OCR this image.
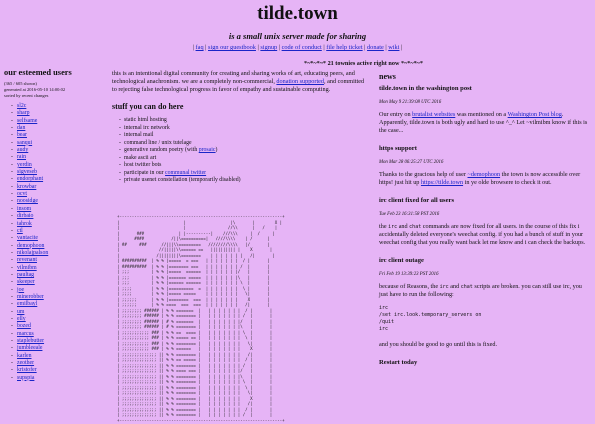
tilde.town
is a small unix server made for sharing
| faq | sign our guestbook | signup | code of conduct | file help ticket | donate | wiki |
*~*~*~* 21 townies active right now *~*~*~*
our esteemed users
(365 / 605 shown)
generated at 2016-05-10 14:00:02
sorted by recent changes
- sl2c
- sharp
- selfsame
- dan
- bear
- sanqui
- audy
- rain
- yerdin
- sigveseb
- endorphant
- krowbar
- ocvt
- noosidge
- insom
- dirbaio
- tahrok
- ctl
- vantacite
- demophoon
- nikolajpalson
- revenant
- vilmibm
- paultag
- skeeper
- joe
- minerobber
- emilbayl
- um
- elly
- bozed
- marcus
- staplebutter
- jumbleeale
- karlen
- zeother
- kristofer
- supspia

this is an intentional digital community for creating and sharing works of art, educating peers, and technological anachronism. we are a completely non-commercial, donation supported, and committed to rejecting false technological progress in favor of empathy and sustainable computing.

stuff you can do here
- static html hosting
- internal irc network
- internal mail
- command line / unix tutelage
- generative random poetry (with prosaic)
- make ascii art
- host twitter bots
- participate in our communal twitter
- private usenet constellation (temporarily disabled)
+------------------------------------------------------------------+
|                          |                  |\       |        X |
|                          |                 //\\      |   /    |
|       ###              | |----------|    ///\\\     |  /     |
|      ####           /||\==========|   ////\\\\    | /      |
| ##     ###      //|||\\=========   ////////\\\\   |/       |
|                //|||||\\====== ==   |||||||||| |    X       |
|               /||||||||\========    | | | | | | |   /|       |
| ##########  | % % |=====  = ===   | | | | | | |  / |       |
| ##########  | % % |======== ===   | | | | | | | /  |       |
| ;;;         | % % |=====  ======  | | | | | | |/   |       |
| ;;;         | % % |======= =====  | | | | | | |\   |       |
| ;;;         | % % |====== ======  | | | | | | | \  |       |
| ;;;;        | % % |==========  =  | | | | | | |  \ |       |
| ;;;;        | % % |===== =====    | | | | | | |   \|       |
| ;;;;;;      | % % |========  ===  | | | | | | |    X       |
| ;;;;;;      | % % ====  ===  ===  | | | | | | |   /|       |
| ;;;;;;;; ###### | % % =======  |   | | | | | | |  / |       |
| ;;;;;;;; ###### | % % ======== |   | | | | | | | /  |       |
| ;;;;;;;; ###### | # % =======  |   | | | | | | |/   |       |
| ;;;;;;;; ###### | # % ======== |   | | | | | | |\   |       |
| ;;;;;;;;;;; ### | % % ==  ==== |   | | | | | | | \  |       |
| ;;;;;;;;;;; ### | % % ===== == |   | | | | | | |  \ |       |
| ;;;;;;;;;;; ### | % % ======== |   | | | | | | |   \|       |
| ;;;;;;;;;;; ### | % % ======   |   | | | | | | |    X       |
| ;;;;;;;;;;;;;; || % % ======== |   | | | | | | |   /|       |
| ;;;;;;;;;;;;;; || % % == ===== |   | | | | | | |  / |       |
| ;;;;;;;;;;;;;; || % % ======== |   | | | | | | | /  |       |
| ;;;;;;;;;;;;;; || % % ==== === |   | | | | | | |/   |       |
| ;;;;;;;;;;;;;; || % % ======== |   | | | | | | |\   |       |
| ;;;;;;;;;;;;;; || % % ======== |   | | | | | | | \  |       |
| ;;;;;;;;;;;;;; || % % ======== |   | | | | | | |  \ |       |
| ;;;;;;;;;;;;;; || % % ======== |   | | | | | | |   \|       |
| ;;;;;;;;;;;;;; || % % ======== |   | | | | | | |    X       |
| ;;;;;;;;;;;;;; || % % ======== |   | | | | | | |   /|       |
| ;;;;;;;;;;;;;; || % % ======== |   | | | | | | |  / |       |
| ;;;;;;;;;;;;;; || % % ======== |   | | | | | | | /  |       |
+------------------------------------------------------------------+
news
tilde.town in the washington post
Mon May 9 21:39:08 UTC 2016

Our entry on brutalist websites was mentioned on a Washington Post blog. Apparently, tilde.town is both ugly and hard to use ^_^ Let ~vilmibm know if this is the case...

https support
Mon Mar 28 06:25:27 UTC 2016

Thanks to the gracious help of user ~demophoon the town is now accessible over https! just hit up https://tilde.town in ye olde browsere to check it out.

irc client fixed for all users
Tue Feb 23 16:31:58 PST 2016

the irc and chat commands are now fixed for all users. in the course of this fix i accidentally deleted everyone's weechat config. if you had a bunch of stuff in your weechat config that you really want back let me know and i can check the backups.

irc client outage
Fri Feb 19 13:39:23 PST 2016

because of Reasons, the irc and chat scripts are broken. you can still use irc, you just have to run the following:

irc
/set irc.look.temporary_servers on
/quit
irc

and you should be good to go until this is fixed.

Restart today
